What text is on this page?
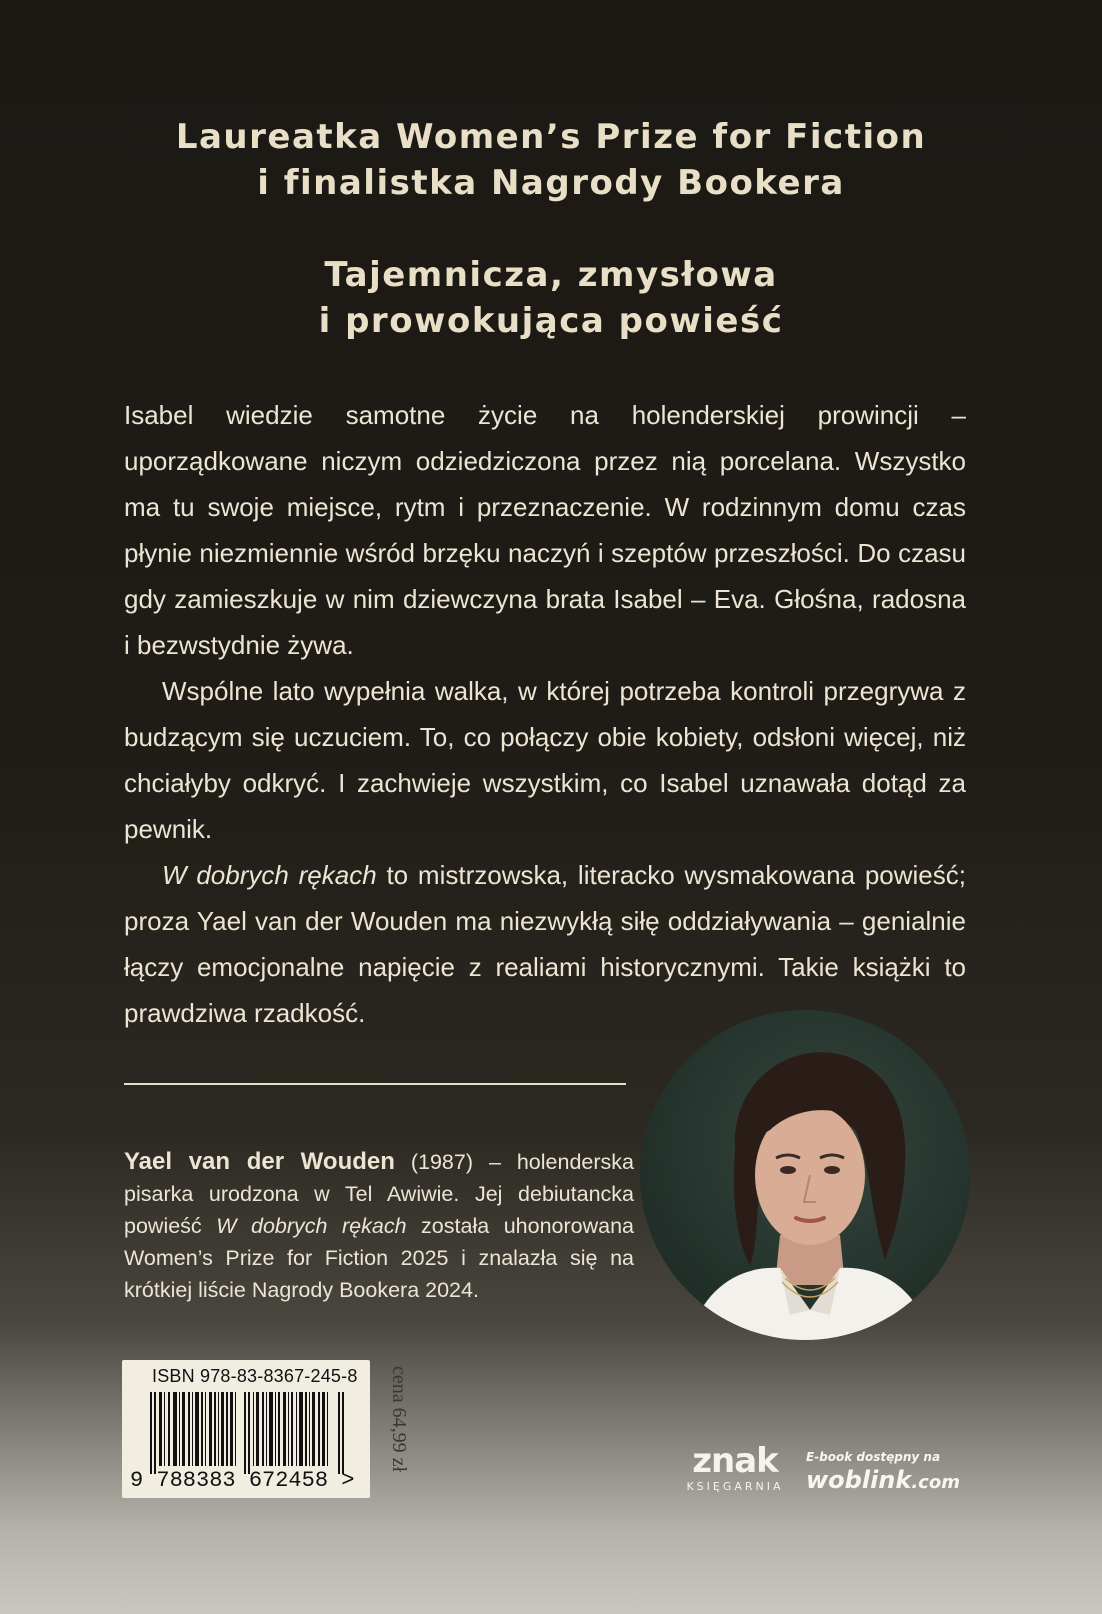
Laureatka Women’s Prize for Fiction
i finalistka Nagrody Bookera
Tajemnicza, zmysłowa
i prowokująca powieść

Isabel wiedzie samotne życie na holenderskiej prowincji – uporządkowane niczym odziedziczona przez nią porcelana. Wszystko ma tu swoje miejsce, rytm i przeznaczenie. W rodzinnym domu czas płynie niezmiennie wśród brzęku naczyń i szeptów przeszłości. Do czasu gdy zamieszkuje w nim dziewczyna brata Isabel – Eva. Głośna, radosna i bezwstydnie żywa.

Wspólne lato wypełnia walka, w której potrzeba kontroli przegrywa z budzącym się uczuciem. To, co połączy obie kobiety, odsłoni więcej, niż chciałyby odkryć. I zachwieje wszystkim, co Isabel uznawała dotąd za pewnik.

W dobrych rękach to mistrzowska, literacko wysmakowana powieść; proza Yael van der Wouden ma niezwykłą siłę oddziaływania – genialnie łączy emocjonalne napięcie z realiami historycznymi. Takie książki to prawdziwa rzadkość.

Yael van der Wouden (1987) – holenderska pisarka urodzona w Tel Awiwie. Jej debiutancka powieść W dobrych rękach została uhonorowana Women’s Prize for Fiction 2025 i znalazła się na krótkiej liście Nagrody Bookera 2024.
ISBN 978-83-8367-245-8
9 788383 672458 >
cena 64,99 zł	znak
KSIĘGARNIA
E-book dostępny na
woblink.com
